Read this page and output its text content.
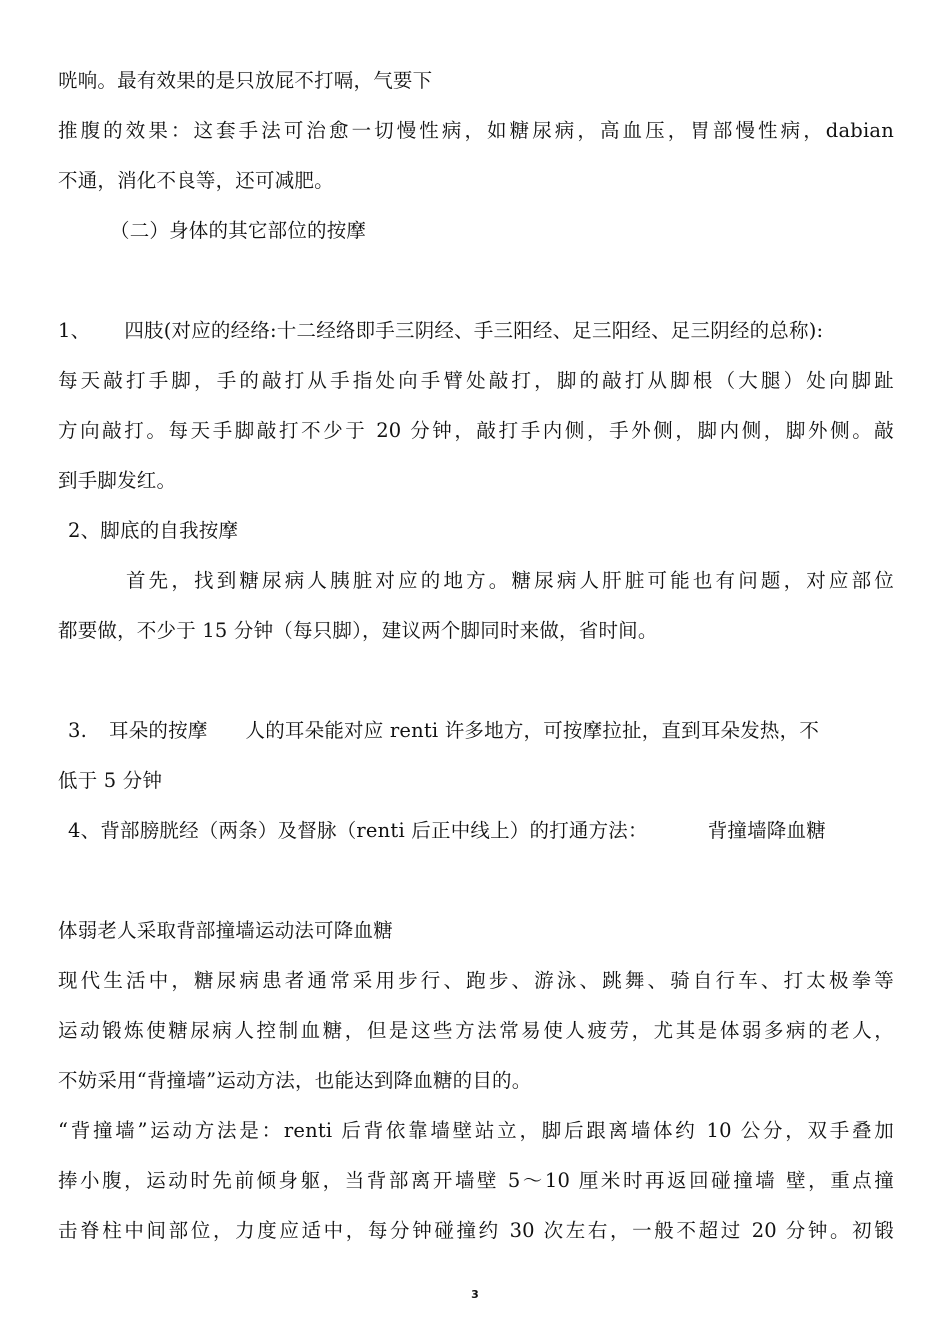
咣响。最有效果的是只放屁不打嗝，气要下
推腹的效果：这套手法可治愈一切慢性病，如糖尿病，高血压，胃部慢性病，dabian
不通，消化不良等，还可减肥。
（二）身体的其它部位的按摩
1、 四肢(对应的经络:十二经络即手三阴经、手三阳经、足三阳经、足三阴经的总称):
每天敲打手脚，手的敲打从手指处向手臂处敲打，脚的敲打从脚根（大腿）处向脚趾
方向敲打。每天手脚敲打不少于 20 分钟，敲打手内侧，手外侧，脚内侧，脚外侧。敲
到手脚发红。
2、脚底的自我按摩
首先，找到糖尿病人胰脏对应的地方。糖尿病人肝脏可能也有问题，对应部位
都要做，不少于 15 分钟（每只脚），建议两个脚同时来做，省时间。
3. 耳朵的按摩 人的耳朵能对应 renti 许多地方，可按摩拉扯，直到耳朵发热，不
低于 5 分钟
4、背部膀胱经（两条）及督脉（renti 后正中线上）的打通方法：	背撞墙降血糖
体弱老人采取背部撞墙运动法可降血糖
现代生活中，糖尿病患者通常采用步行、跑步、游泳、跳舞、骑自行车、打太极拳等
运动锻炼使糖尿病人控制血糖，但是这些方法常易使人疲劳，尤其是体弱多病的老人，
不妨采用“背撞墙”运动方法，也能达到降血糖的目的。
“背撞墙”运动方法是：renti 后背依靠墙壁站立，脚后跟离墙体约 10 公分，双手叠加
捧小腹，运动时先前倾身躯，当背部离开墙壁 5～10 厘米时再返回碰撞墙 壁，重点撞
击脊柱中间部位，力度应适中，每分钟碰撞约 30 次左右，一般不超过 20 分钟。初锻
3
